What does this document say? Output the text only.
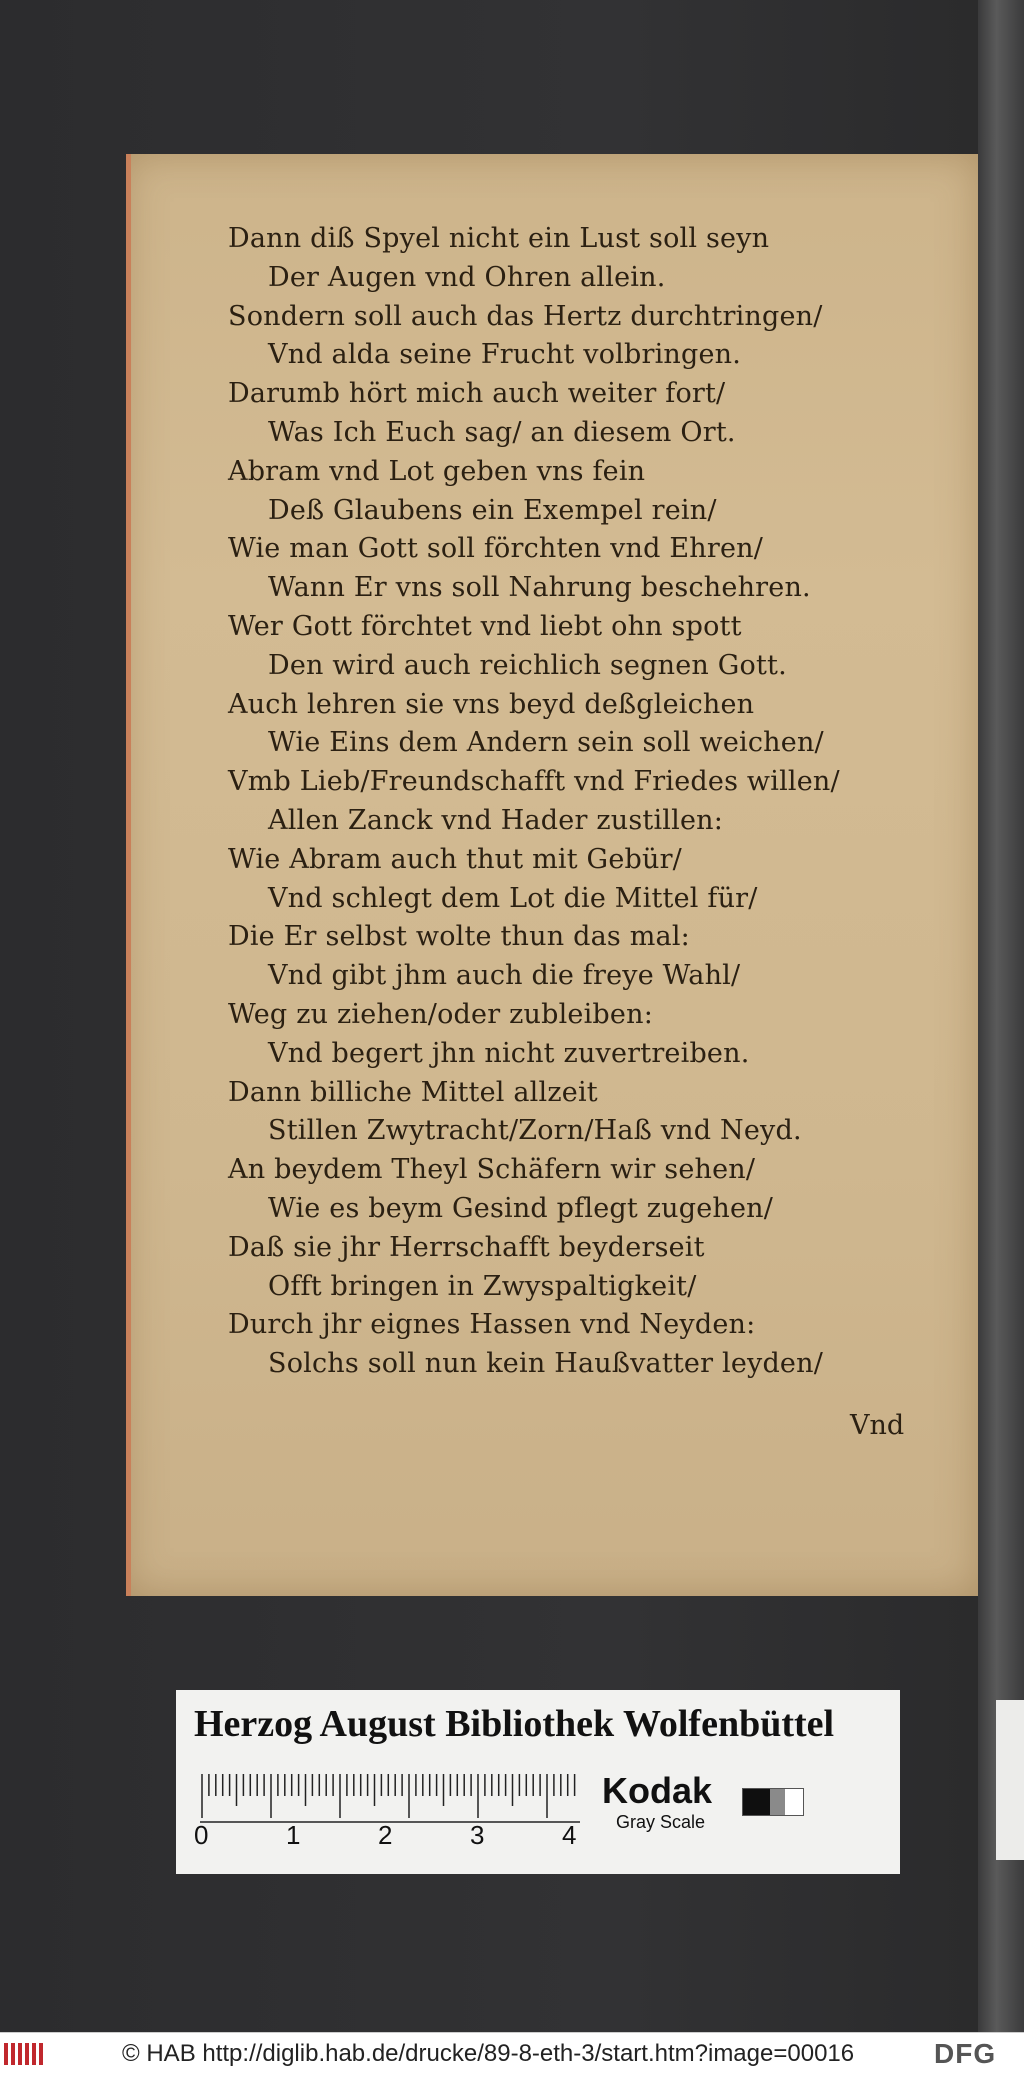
Dann diß Spyel nicht ein Lust soll seyn
Der Augen vnd Ohren allein.
Sondern soll auch das Hertz durchtringen/
Vnd alda seine Frucht volbringen.
Darumb hört mich auch weiter fort/
Was Ich Euch sag/ an diesem Ort.
Abram vnd Lot geben vns fein
Deß Glaubens ein Exempel rein/
Wie man Gott soll förchten vnd Ehren/
Wann Er vns soll Nahrung beschehren.
Wer Gott förchtet vnd liebt ohn spott
Den wird auch reichlich segnen Gott.
Auch lehren sie vns beyd deßgleichen
Wie Eins dem Andern sein soll weichen/
Vmb Lieb/Freundschafft vnd Friedes willen/
Allen Zanck vnd Hader zustillen:
Wie Abram auch thut mit Gebür/
Vnd schlegt dem Lot die Mittel für/
Die Er selbst wolte thun das mal:
Vnd gibt jhm auch die freye Wahl/
Weg zu ziehen/oder zubleiben:
Vnd begert jhn nicht zuvertreiben.
Dann billiche Mittel allzeit
Stillen Zwytracht/Zorn/Haß vnd Neyd.
An beydem Theyl Schäfern wir sehen/
Wie es beym Gesind pflegt zugehen/
Daß sie jhr Herrschafft beyderseit
Offt bringen in Zwyspaltigkeit/
Durch jhr eignes Hassen vnd Neyden:
Solchs soll nun kein Haußvatter leyden/
Vnd
Herzog August Bibliothek Wolfenbüttel
0	1	2	3	4
Kodak
Gray Scale
© HAB http://diglib.hab.de/drucke/89-8-eth-3/start.htm?image=00016	DFG
